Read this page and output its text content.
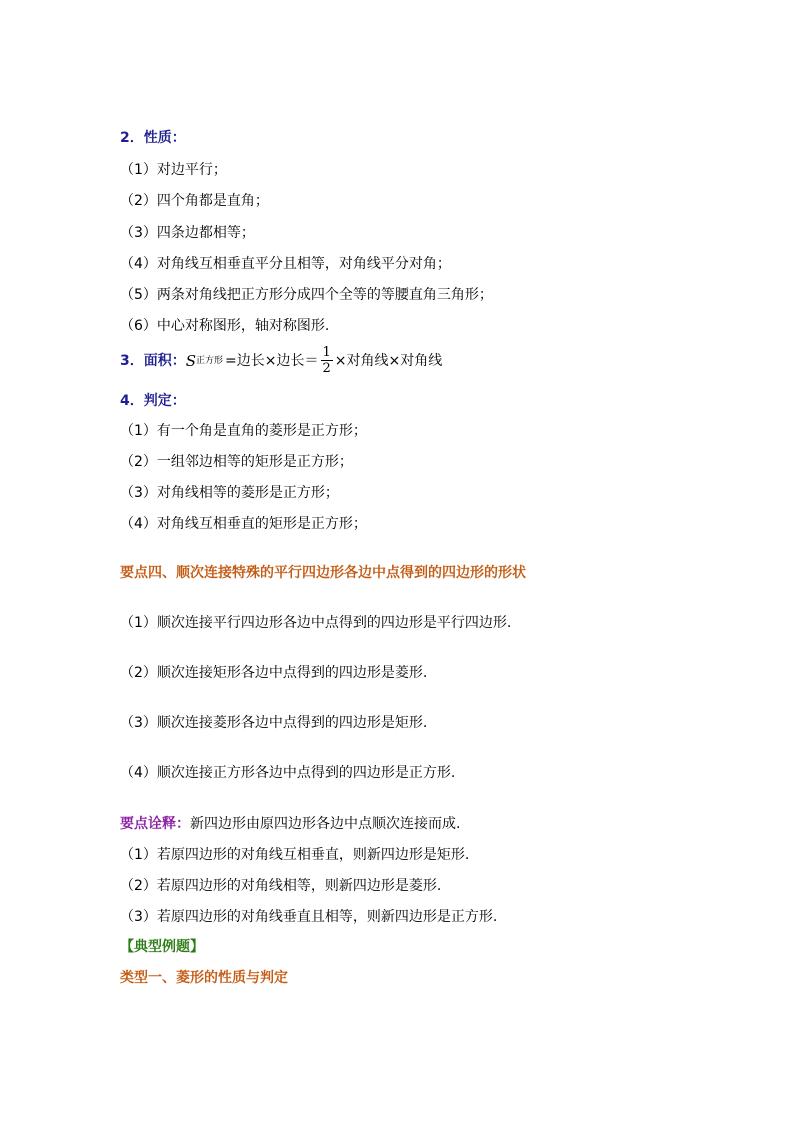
2．性质：
（1）对边平行；
（2）四个角都是直角；
（3）四条边都相等；
（4）对角线互相垂直平分且相等，对角线平分对角；
（5）两条对角线把正方形分成四个全等的等腰直角三角形；
（6）中心对称图形，轴对称图形.
3．面积： S 正方形 =边长×边长＝ $\frac{1}{2}$ ×对角线×对角线
4．判定：
（1）有一个角是直角的菱形是正方形；
（2）一组邻边相等的矩形是正方形；
（3）对角线相等的菱形是正方形；
（4）对角线互相垂直的矩形是正方形；
要点四、顺次连接特殊的平行四边形各边中点得到的四边形的形状
（1）顺次连接平行四边形各边中点得到的四边形是平行四边形.
（2）顺次连接矩形各边中点得到的四边形是菱形.
（3）顺次连接菱形各边中点得到的四边形是矩形.
（4）顺次连接正方形各边中点得到的四边形是正方形.
要点诠释：新四边形由原四边形各边中点顺次连接而成.
（1）若原四边形的对角线互相垂直，则新四边形是矩形.
（2）若原四边形的对角线相等，则新四边形是菱形.
（3）若原四边形的对角线垂直且相等，则新四边形是正方形.
【典型例题】
类型一、菱形的性质与判定
